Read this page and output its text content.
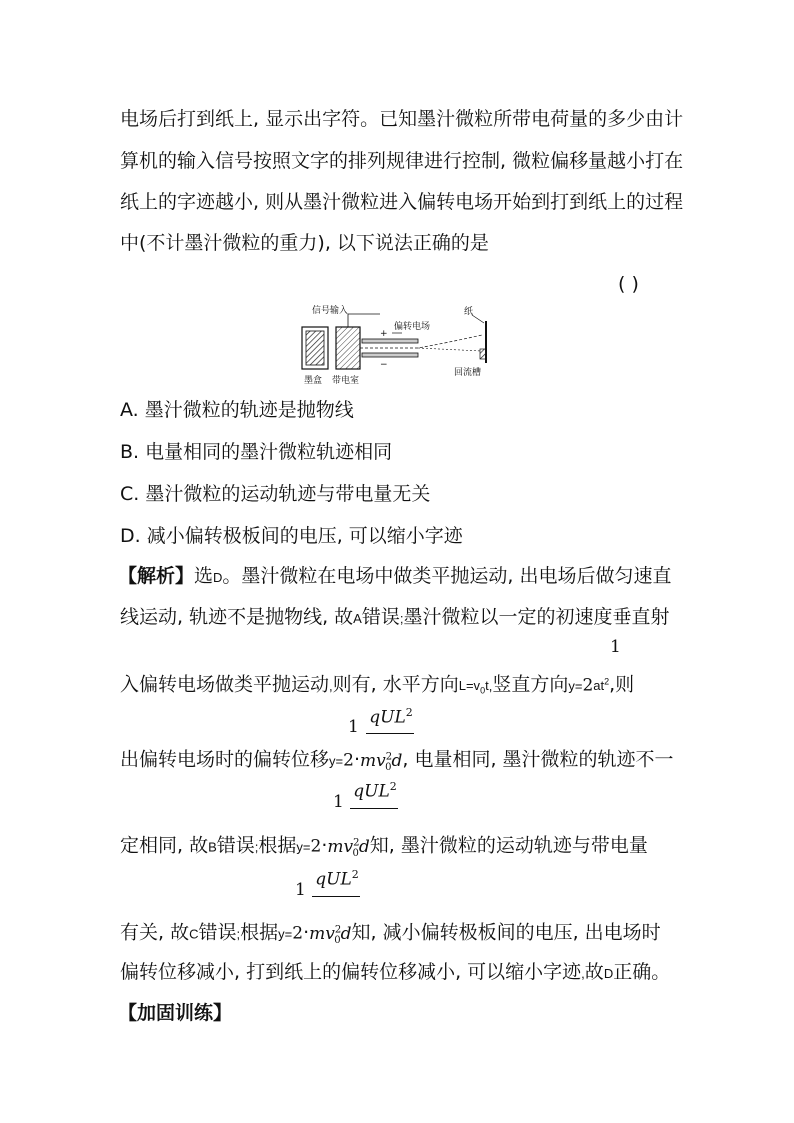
电场后打到纸上, 显示出字符。已知墨汁微粒所带电荷量的多少由计
算机的输入信号按照文字的排列规律进行控制, 微粒偏移量越小打在
纸上的字迹越小, 则从墨汁微粒进入偏转电场开始到打到纸上的过程
中(不计墨汁微粒的重力), 以下说法正确的是
( )
信号输入
+
−
偏转电场
纸
墨盒 带电室
回流槽
A. 墨汁微粒的轨迹是抛物线
B. 电量相同的墨汁微粒轨迹相同
C. 墨汁微粒的运动轨迹与带电量无关
D. 减小偏转极板间的电压, 可以缩小字迹
【解析】选D。墨汁微粒在电场中做类平抛运动, 出电场后做匀速直
线运动, 轨迹不是抛物线, 故A错误;墨汁微粒以一定的初速度垂直射
1
入偏转电场做类平抛运动,则有, 水平方向$L=v_0t$,竖直方向$y=2at^2$,则
1 qUL$^2$
出偏转电场时的偏转位移$y=2\cdot mv^2_0d$, 电量相同, 墨汁微粒的轨迹不一
1
qUL$^2$
定相同, 故B错误;根据$y=2\cdot mv^2_0d$知, 墨汁微粒的运动轨迹与带电量
1
qUL$^2$
有关, 故C错误;根据$y=2\cdot mv^2_0d$知, 减小偏转极板间的电压, 出电场时
偏转位移减小, 打到纸上的偏转位移减小, 可以缩小字迹,故D正确。
【加固训练】
